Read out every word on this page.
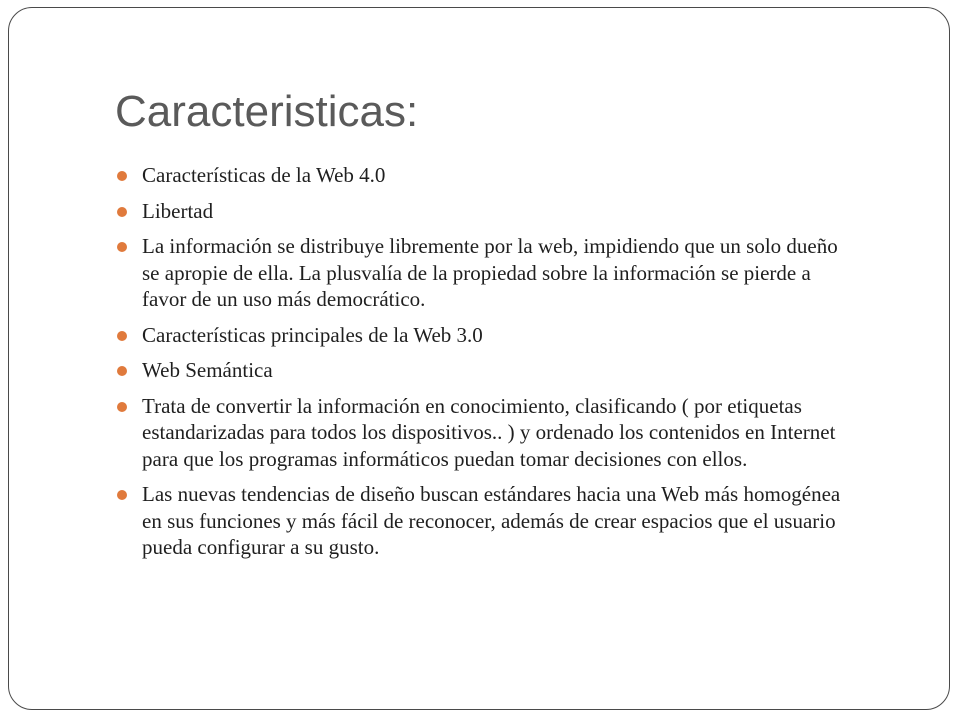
Caracteristicas:
Características de la Web 4.0
Libertad
La información se distribuye libremente por la web, impidiendo que un solo dueño se apropie de ella. La plusvalía de la propiedad sobre la información se pierde a favor de un uso más democrático.
Características principales de la Web 3.0
Web Semántica
Trata de convertir la información en conocimiento, clasificando ( por etiquetas estandarizadas para todos los dispositivos.. ) y ordenado los contenidos en Internet para que los programas informáticos puedan tomar decisiones con ellos.
Las nuevas tendencias de diseño buscan estándares hacia una Web más homogénea en sus funciones y más fácil de reconocer, además de crear espacios que el usuario pueda configurar a su gusto.
